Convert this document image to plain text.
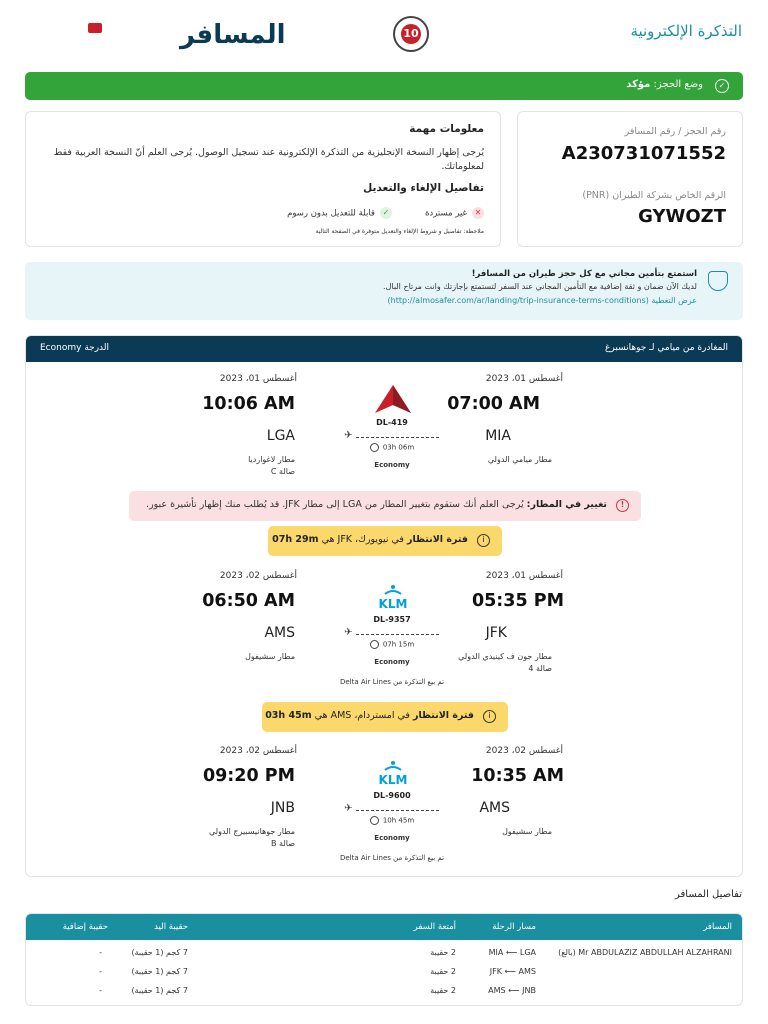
التذكرة الإلكترونية
10
المسافر
✓
وضع الحجز: مؤكد
رقم الحجز / رقم المسافر
A230731071552
الرقم الخاص بشركة الطيران (PNR)
GYWOZT
معلومات مهمة
يُرجى إظهار النسخة الإنجليزية من التذكرة الإلكترونية عند تسجيل الوصول. يُرجى العلم أنّ النسخة العربية فقط لمعلوماتك.
تفاصيل الإلغاء والتعديل
✕غير مستردة
✓قابلة للتعديل بدون رسوم
ملاحظة: تفاصيل و شروط الإلغاء والتعديل متوفرة في الصفحة التالية
استمتع بتأمين مجاني مع كل حجز طيران من المسافر!
لديك الآن ضمان و ثقة إضافية مع التأمين المجاني عند السفر لتستمتع بإجازتك وانت مرتاح البال.
عرض التغطية (http://almosafer.com/ar/landing/trip-insurance-terms-conditions)
المغادرة من ميامي لـ جوهانسبرغ
الدرجة Economy
أغسطس 01، 2023
07:00 AM
MIA
مطار ميامي الدولي
DL-419
✈
03h 06m
Economy
أغسطس 01، 2023
10:06 AM
LGA
مطار لاغوارديا
صالة C
!
تغيير في المطار: يُرجى العلم أنك ستقوم بتغيير المطار من LGA إلى مطار JFK. قد يُطلب منك إظهار تأشيرة عبور.
i
فترة الانتظار في نيويورك، JFK هي 07h 29m
أغسطس 01، 2023
05:35 PM
JFK
مطار جون ف كينيدي الدولي
صالة 4
KLM
DL-9357
✈
07h 15m
Economy
تم بيع التذكرة من Delta Air Lines
أغسطس 02، 2023
06:50 AM
AMS
مطار سشيفول
i
فترة الانتظار في امستردام، AMS هي 03h 45m
أغسطس 02، 2023
10:35 AM
AMS
مطار سشيفول
KLM
DL-9600
✈
10h 45m
Economy
تم بيع التذكرة من Delta Air Lines
أغسطس 02، 2023
09:20 PM
JNB
مطار جوهانيسبيرج الدولي
صالة B
تفاصيل المسافر
المسافر
مسار الرحلة
أمتعة السفر
حقيبة اليد
حقيبة إضافية
Mr ABDULAZIZ ABDULLAH ALZAHRANI (بالغ)
MIA ⟵ LGA
2 حقيبة
7 كجم (1 حقيبة)
-
JFK ⟵ AMS
2 حقيبة
7 كجم (1 حقيبة)
-
AMS ⟵ JNB
2 حقيبة
7 كجم (1 حقيبة)
-
